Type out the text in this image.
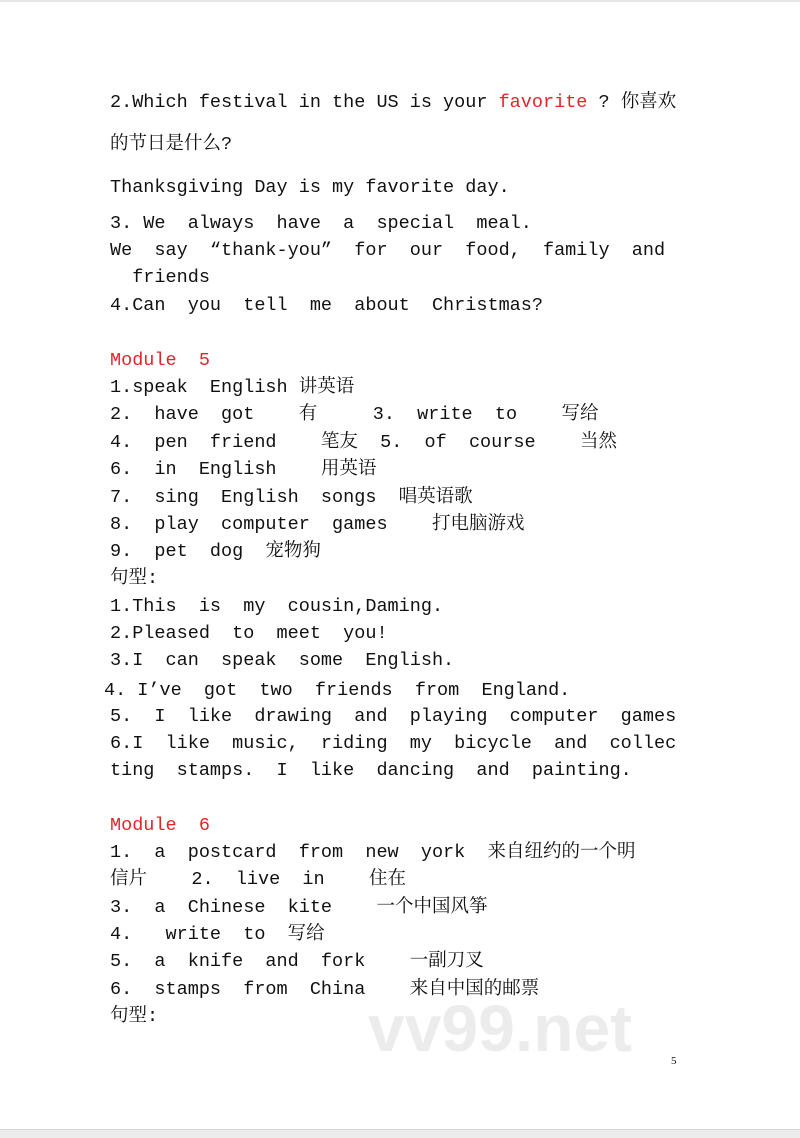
2.Which festival in the US is your favorite ? 你喜欢
的节日是什么?
Thanksgiving Day is my favorite day.
3. We  always  have  a  special  meal.
We  say  “thank-you”  for  our  food,  family  and
friends
4.Can  you  tell  me  about  Christmas?
Module  5
1.speak  English 讲英语
2.  have  got    有     3.  write  to    写给
4.  pen  friend    笔友  5.  of  course    当然
6.  in  English    用英语
7.  sing  English  songs  唱英语歌
8.  play  computer  games    打电脑游戏
9.  pet  dog  宠物狗
句型:
1.This  is  my  cousin,Daming.
2.Pleased  to  meet  you!
3.I  can  speak  some  English.
4. I’ve  got  two  friends  from  England.
5.  I  like  drawing  and  playing  computer  games
6.I  like  music,  riding  my  bicycle  and  collec
ting  stamps.  I  like  dancing  and  painting.
Module  6
1.  a  postcard  from  new  york  来自纽约的一个明
信片    2.  live  in    住在
3.  a  Chinese  kite    一个中国风筝
4.   write  to  写给
5.  a  knife  and  fork    一副刀叉
6.  stamps  from  China    来自中国的邮票
句型:	vv99.net	5
